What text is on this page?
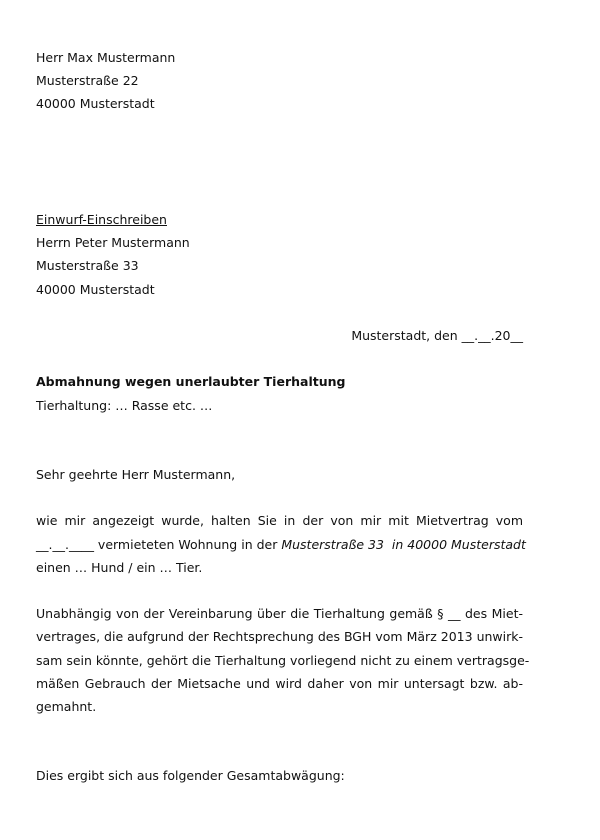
Herr Max Mustermann
Musterstraße 22
40000 Musterstadt
Einwurf-Einschreiben
Herrn Peter Mustermann
Musterstraße 33
40000 Musterstadt
Musterstadt, den __.__.20__
Abmahnung wegen unerlaubter Tierhaltung
Tierhaltung: … Rasse etc. …
Sehr geehrte Herr Mustermann,
wie mir angezeigt wurde, halten Sie in der von mir mit Mietvertrag vom
__.__.____ vermieteten Wohnung in der Musterstraße 33  in 40000 Musterstadt
einen … Hund / ein … Tier.
Unabhängig von der Vereinbarung über die Tierhaltung gemäß § __ des Miet-
vertrages, die aufgrund der Rechtsprechung des BGH vom März 2013 unwirk-
sam sein könnte, gehört die Tierhaltung vorliegend nicht zu einem vertragsge-
mäßen Gebrauch der Mietsache und wird daher von mir untersagt bzw. ab-
gemahnt.
Dies ergibt sich aus folgender Gesamtabwägung:
